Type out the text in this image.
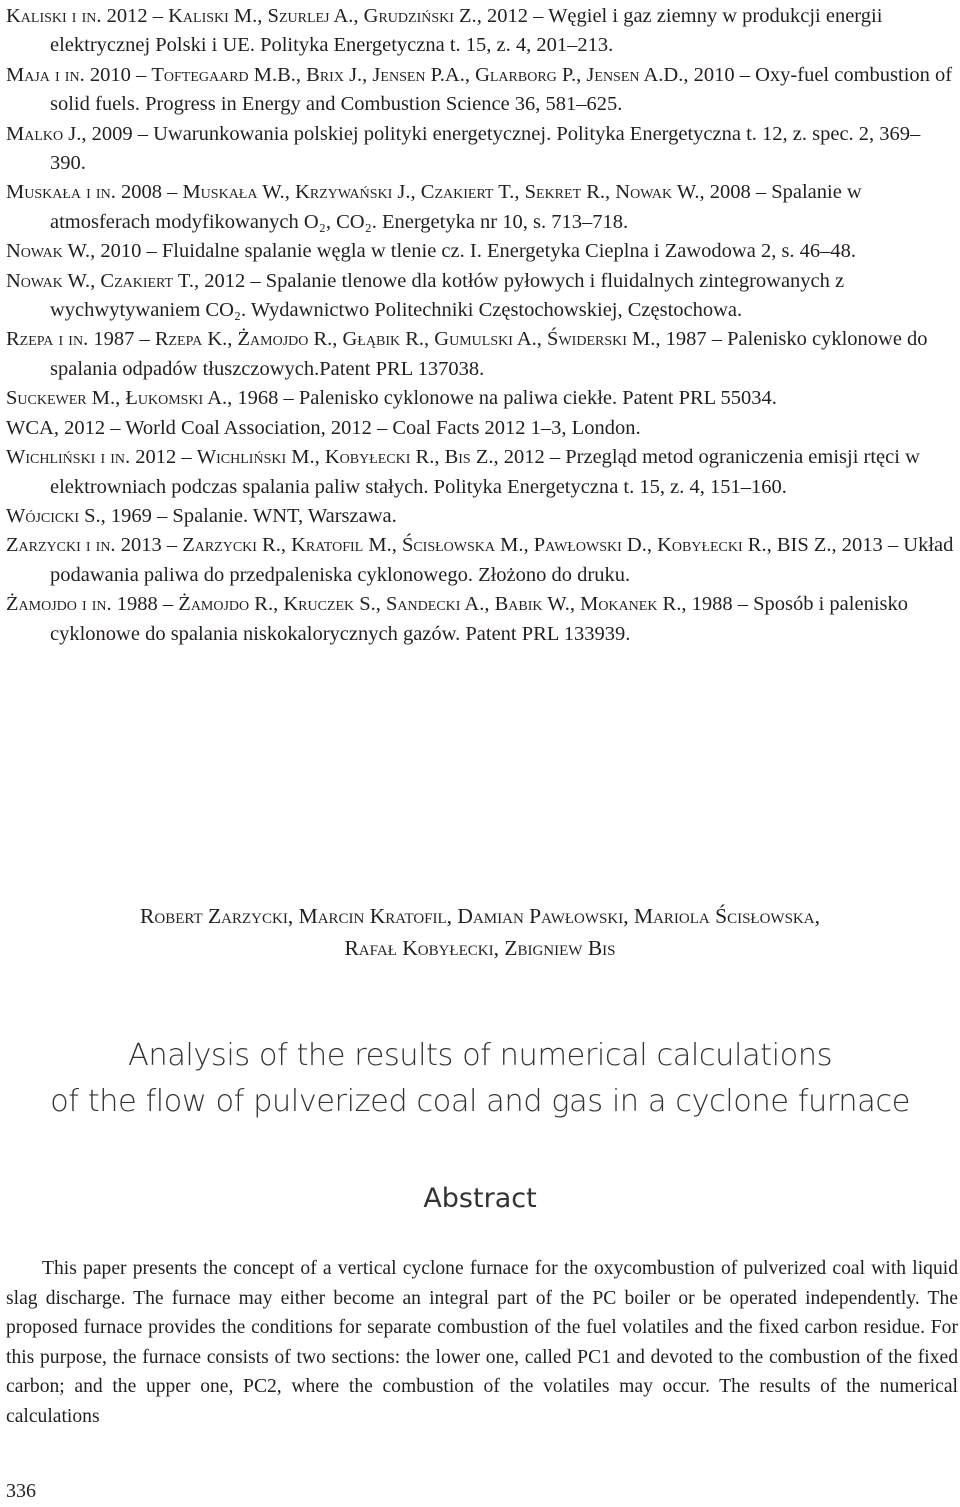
Kaliski i in. 2012 – Kaliski M., Szurlej A., Grudziński Z., 2012 – Węgiel i gaz ziemny w produkcji energii elektrycznej Polski i UE. Polityka Energetyczna t. 15, z. 4, 201–213.

Maja i in. 2010 – Toftegaard M.B., Brix J., Jensen P.A., Glarborg P., Jensen A.D., 2010 – Oxy-fuel combustion of solid fuels. Progress in Energy and Combustion Science 36, 581–625.

Malko J., 2009 – Uwarunkowania polskiej polityki energetycznej. Polityka Energetyczna t. 12, z. spec. 2, 369–390.

Muskała i in. 2008 – Muskała W., Krzywański J., Czakiert T., Sekret R., Nowak W., 2008 – Spalanie w atmosferach modyfikowanych O₂, CO₂. Energetyka nr 10, s. 713–718.

Nowak W., 2010 – Fluidalne spalanie węgla w tlenie cz. I. Energetyka Cieplna i Zawodowa 2, s. 46–48.

Nowak W., Czakiert T., 2012 – Spalanie tlenowe dla kotłów pyłowych i fluidalnych zintegrowanych z wychwytywaniem CO₂. Wydawnictwo Politechniki Częstochowskiej, Częstochowa.

Rzepa i in. 1987 – Rzepa K., Żamojdo R., Głąbik R., Gumulski A., Świderski M., 1987 – Palenisko cyklonowe do spalania odpadów tłuszczowych.Patent PRL 137038.

Suckewer M., Łukomski A., 1968 – Palenisko cyklonowe na paliwa ciekłe. Patent PRL 55034.

WCA, 2012 – World Coal Association, 2012 – Coal Facts 2012 1–3, London.

Wichliński i in. 2012 – Wichliński M., Kobyłecki R., Bis Z., 2012 – Przegląd metod ograniczenia emisji rtęci w elektrowniach podczas spalania paliw stałych. Polityka Energetyczna t. 15, z. 4, 151–160.

Wójcicki S., 1969 – Spalanie. WNT, Warszawa.

Zarzycki i in. 2013 – Zarzycki R., Kratofil M., Ścisłowska M., Pawłowski D., Kobyłecki R., BIS Z., 2013 – Układ podawania paliwa do przedpaleniska cyklonowego. Złożono do druku.

Żamojdo i in. 1988 – Żamojdo R., Kruczek S., Sandecki A., Babik W., Mokanek R., 1988 – Sposób i palenisko cyklonowe do spalania niskokalorycznych gazów. Patent PRL 133939.

Robert Zarzycki, Marcin Kratofil, Damian Pawłowski, Mariola Ścisłowska,
Rafał Kobyłecki, Zbigniew Bis
Analysis of the results of numerical calculations
of the flow of pulverized coal and gas in a cyclone furnace
Abstract

This paper presents the concept of a vertical cyclone furnace for the oxycombustion of pulverized coal with liquid slag discharge. The furnace may either become an integral part of the PC boiler or be operated independently. The proposed furnace provides the conditions for separate combustion of the fuel volatiles and the fixed carbon residue. For this purpose, the furnace consists of two sections: the lower one, called PC1 and devoted to the combustion of the fixed carbon; and the upper one, PC2, where the combustion of the volatiles may occur. The results of the numerical calculations

336
